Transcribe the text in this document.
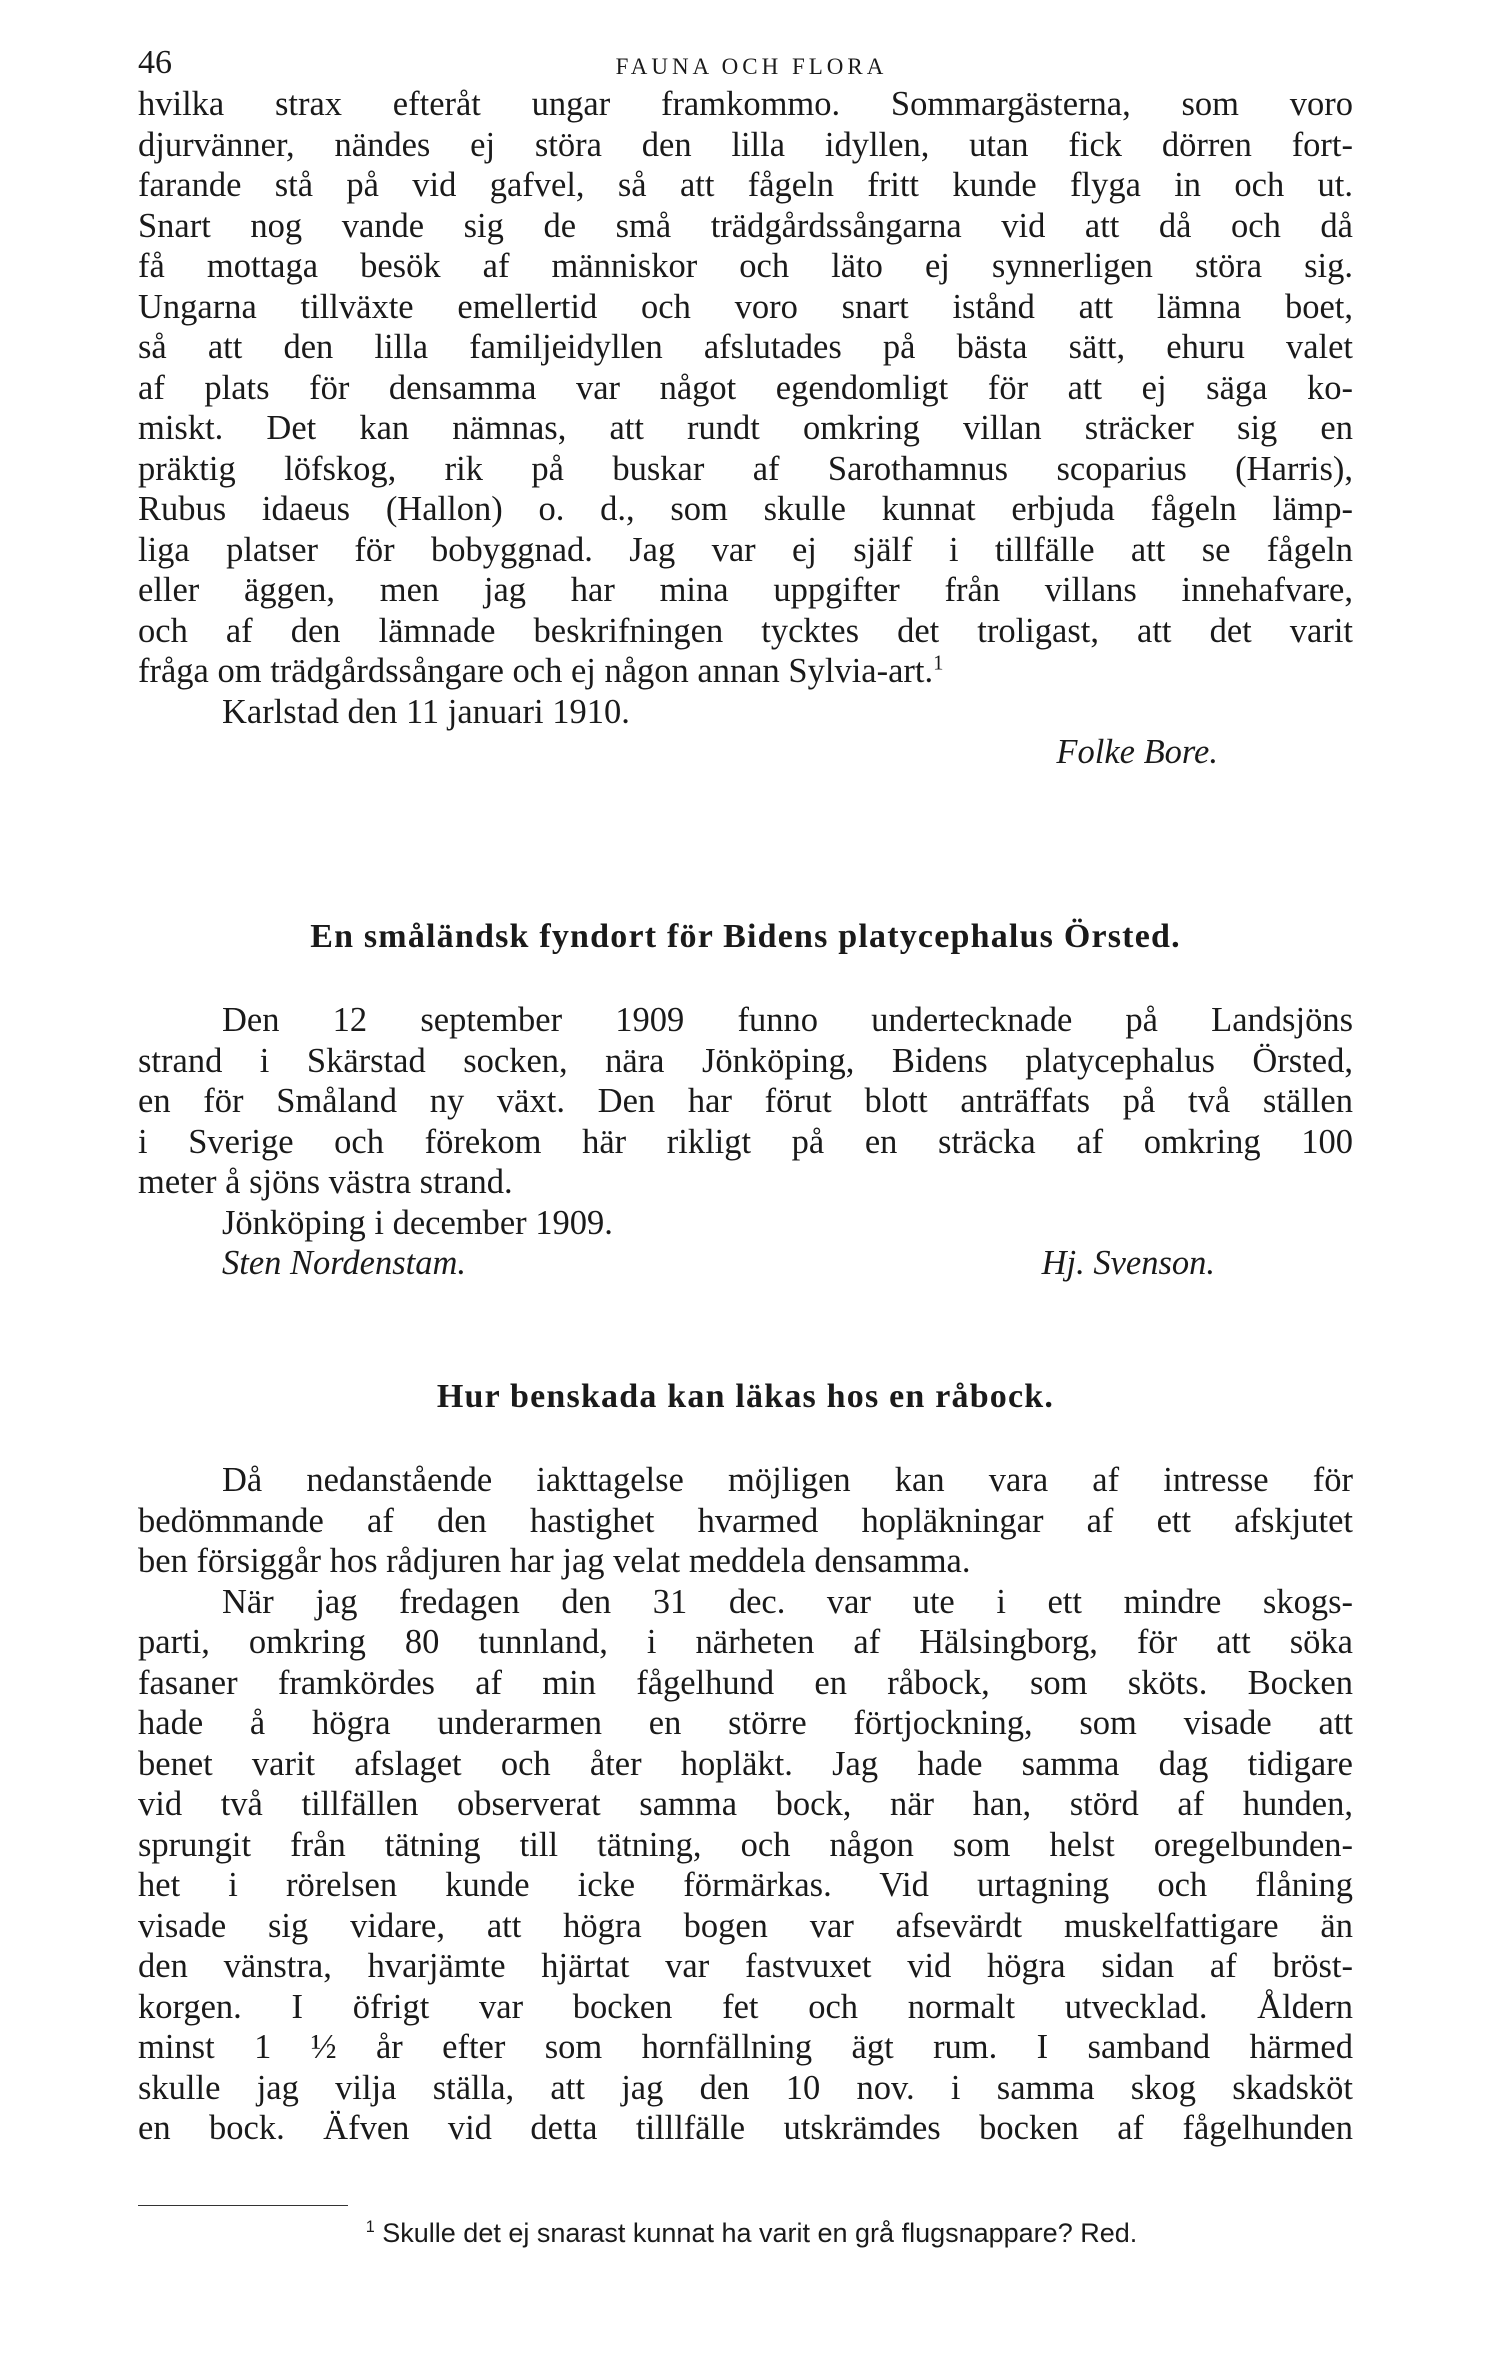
46	FAUNA OCH FLORA
hvilka strax efteråt ungar framkommo. Sommargästerna, som voro
djurvänner, nändes ej störa den lilla idyllen, utan fick dörren fort-
farande stå på vid gafvel, så att fågeln fritt kunde flyga in och ut.
Snart nog vande sig de små trädgårdssångarna vid att då och då
få mottaga besök af människor och läto ej synnerligen störa sig.
Ungarna tillväxte emellertid och voro snart istånd att lämna boet,
så att den lilla familjeidyllen afslutades på bästa sätt, ehuru valet
af plats för densamma var något egendomligt för att ej säga ko-
miskt. Det kan nämnas, att rundt omkring villan sträcker sig en
präktig löfskog, rik på buskar af Sarothamnus scoparius (Harris),
Rubus idaeus (Hallon) o. d., som skulle kunnat erbjuda fågeln lämp-
liga platser för bobyggnad. Jag var ej själf i tillfälle att se fågeln
eller äggen, men jag har mina uppgifter från villans innehafvare,
och af den lämnade beskrifningen tycktes det troligast, att det varit
fråga om trädgårdssångare och ej någon annan Sylvia-art.$^1$
Karlstad den 11 januari 1910.
Folke Bore.
En småländsk fyndort för Bidens platycephalus Örsted.
Den 12 september 1909 funno undertecknade på Landsjöns
strand i Skärstad socken, nära Jönköping, Bidens platycephalus Örsted,
en för Småland ny växt. Den har förut blott anträffats på två ställen
i Sverige och förekom här rikligt på en sträcka af omkring 100
meter å sjöns västra strand.
Jönköping i december 1909.
Sten Nordenstam.	Hj. Svenson.
Hur benskada kan läkas hos en råbock.
Då nedanstående iakttagelse möjligen kan vara af intresse för
bedömmande af den hastighet hvarmed hopläkningar af ett afskjutet
ben försiggår hos rådjuren har jag velat meddela densamma.
När jag fredagen den 31 dec. var ute i ett mindre skogs-
parti, omkring 80 tunnland, i närheten af Hälsingborg, för att söka
fasaner framkördes af min fågelhund en råbock, som sköts. Bocken
hade å högra underarmen en större förtjockning, som visade att
benet varit afslaget och åter hopläkt. Jag hade samma dag tidigare
vid två tillfällen observerat samma bock, när han, störd af hunden,
sprungit från tätning till tätning, och någon som helst oregelbunden-
het i rörelsen kunde icke förmärkas. Vid urtagning och flåning
visade sig vidare, att högra bogen var afsevärdt muskelfattigare än
den vänstra, hvarjämte hjärtat var fastvuxet vid högra sidan af bröst-
korgen. I öfrigt var bocken fet och normalt utvecklad. Åldern
minst 1 ½ år efter som hornfällning ägt rum. I samband härmed
skulle jag vilja ställa, att jag den 10 nov. i samma skog skadsköt
en bock. Äfven vid detta tilllfälle utskrämdes bocken af fågelhunden
$^1$ Skulle det ej snarast kunnat ha varit en grå flugsnappare? Red.
